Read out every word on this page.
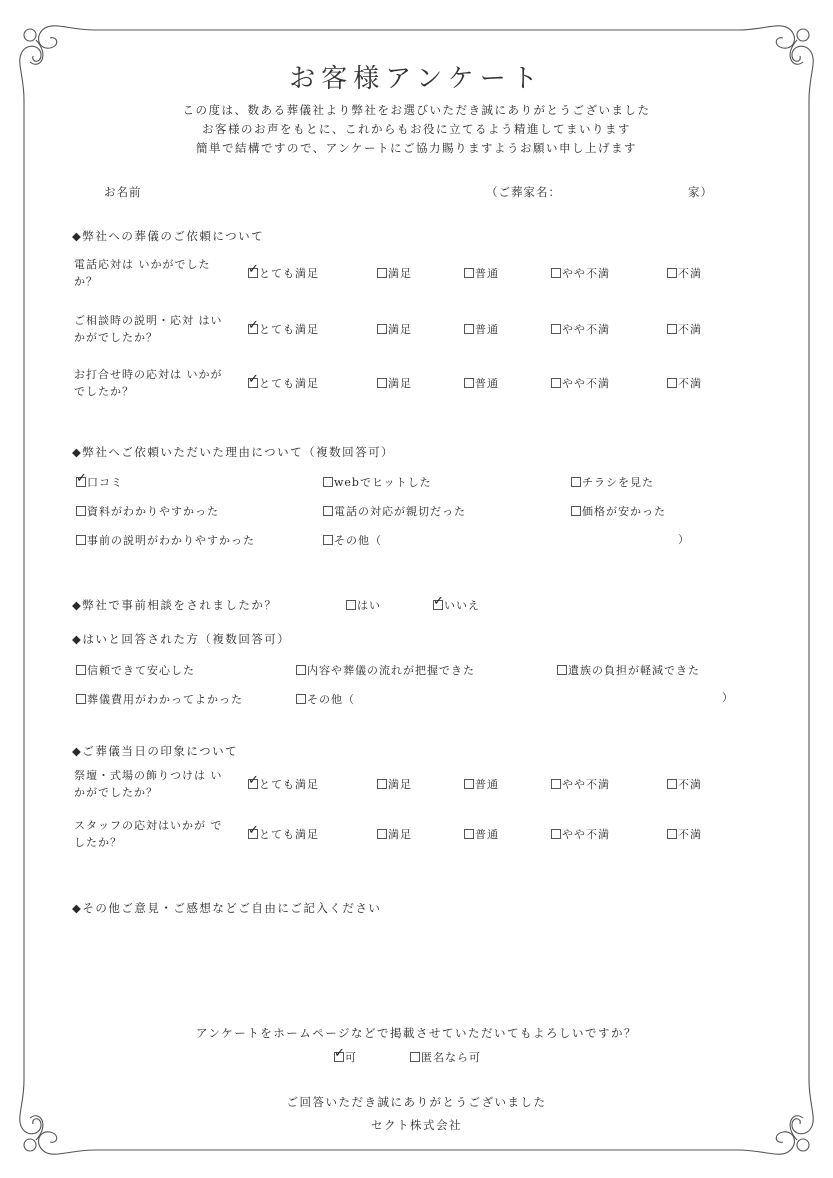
お客様アンケート
この度は、数ある葬儀社より弊社をお選びいただき誠にありがとうございました
お客様のお声をもとに、これからもお役に立てるよう精進してまいります
簡単で結構ですので、アンケートにご協力賜りますようお願い申し上げます
お名前	（ご葬家名：	家）
◆弊社への葬儀のご依頼について
◆弊社へご依頼いただいた理由について（複数回答可）
）
◆弊社で事前相談をされましたか？	はい
✓	いいえ
◆はいと回答された方（複数回答可）
）
◆ご葬儀当日の印象について
◆その他ご意見・ご感想などご自由にご記入ください
アンケートをホームページなどで掲載させていただいてもよろしいですか？
✓
可	匿名なら可
ご回答いただき誠にありがとうございました
セクト株式会社
電話応対は いかがでしたか？
✓
とても満足	満足	普通	やや不満	不満
ご相談時の説明・応対 はいかがでしたか？
✓
とても満足	満足	普通	やや不満	不満
お打合せ時の応対は いかがでしたか？
✓
とても満足	満足	普通	やや不満	不満
祭壇・式場の飾りつけは いかがでしたか？
✓
とても満足	満足	普通	やや不満	不満
スタッフの応対はいかが でしたか？
✓
とても満足	満足	普通	やや不満	不満
✓
口コミ	webでヒットした	チラシを見た
資料がわかりやすかった	電話の対応が親切だった	価格が安かった
事前の説明がわかりやすかった	その他（
信頼できて安心した	内容や葬儀の流れが把握できた	遺族の負担が軽減できた
葬儀費用がわかってよかった	その他（
